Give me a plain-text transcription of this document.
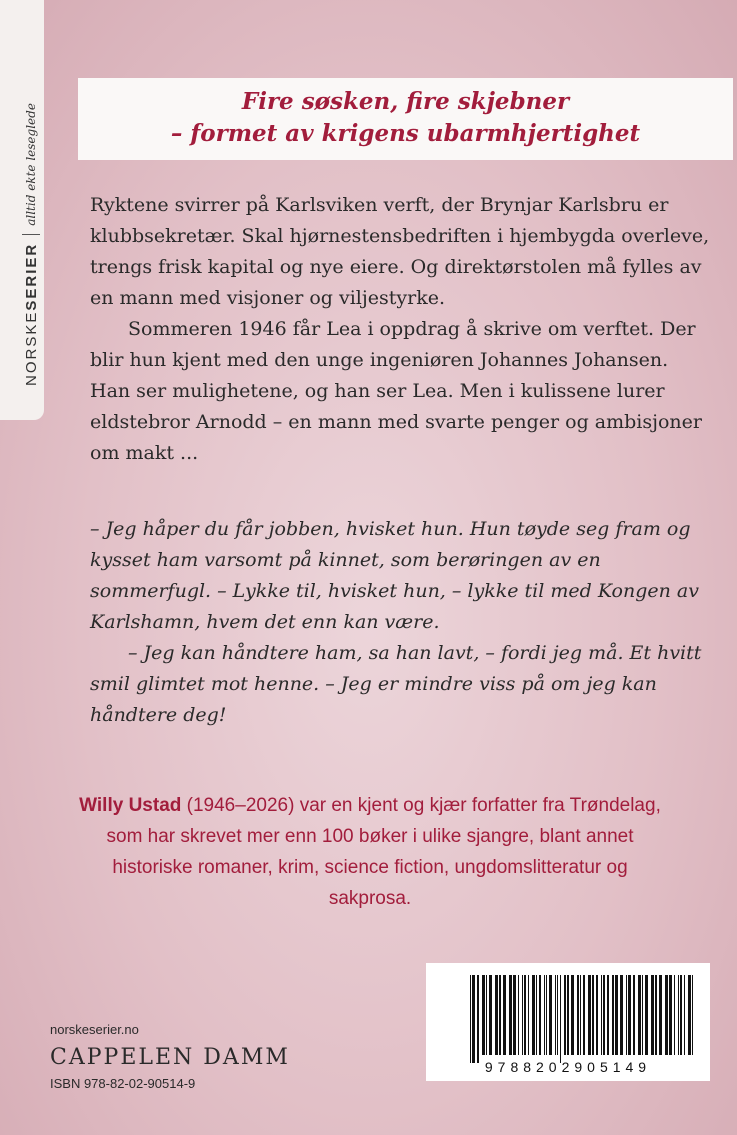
NORSKESERIER
alltid ekte leseglede
Fire søsken, fire skjebner
– formet av krigens ubarmhjertighet

Ryktene svirrer på Karlsviken verft, der Brynjar Karlsbru er klubbsekretær. Skal hjørnestensbedriften i hjembygda overleve, trengs frisk kapital og nye eiere. Og direktørstolen må fylles av en mann med visjoner og viljestyrke.

Sommeren 1946 får Lea i oppdrag å skrive om verftet. Der blir hun kjent med den unge ingeniøren Johannes Johansen. Han ser mulighetene, og han ser Lea. Men i kulissene lurer eldstebror Arnodd – en mann med svarte penger og ambisjoner om makt ...

– Jeg håper du får jobben, hvisket hun. Hun tøyde seg fram og kysset ham varsomt på kinnet, som berøringen av en sommerfugl. – Lykke til, hvisket hun, – lykke til med Kongen av Karlshamn, hvem det enn kan være.

– Jeg kan håndtere ham, sa han lavt, – fordi jeg må. Et hvitt smil glimtet mot henne. – Jeg er mindre viss på om jeg kan håndtere deg!

Willy Ustad (1946–2026) var en kjent og kjær forfatter fra Trøndelag, som har skrevet mer enn 100 bøker i ulike sjangre, blant annet historiske romaner, krim, science fiction, ungdomslitteratur og sakprosa.
9788202905149
norskeserier.no
CAPPELEN DAMM
ISBN 978-82-02-90514-9
